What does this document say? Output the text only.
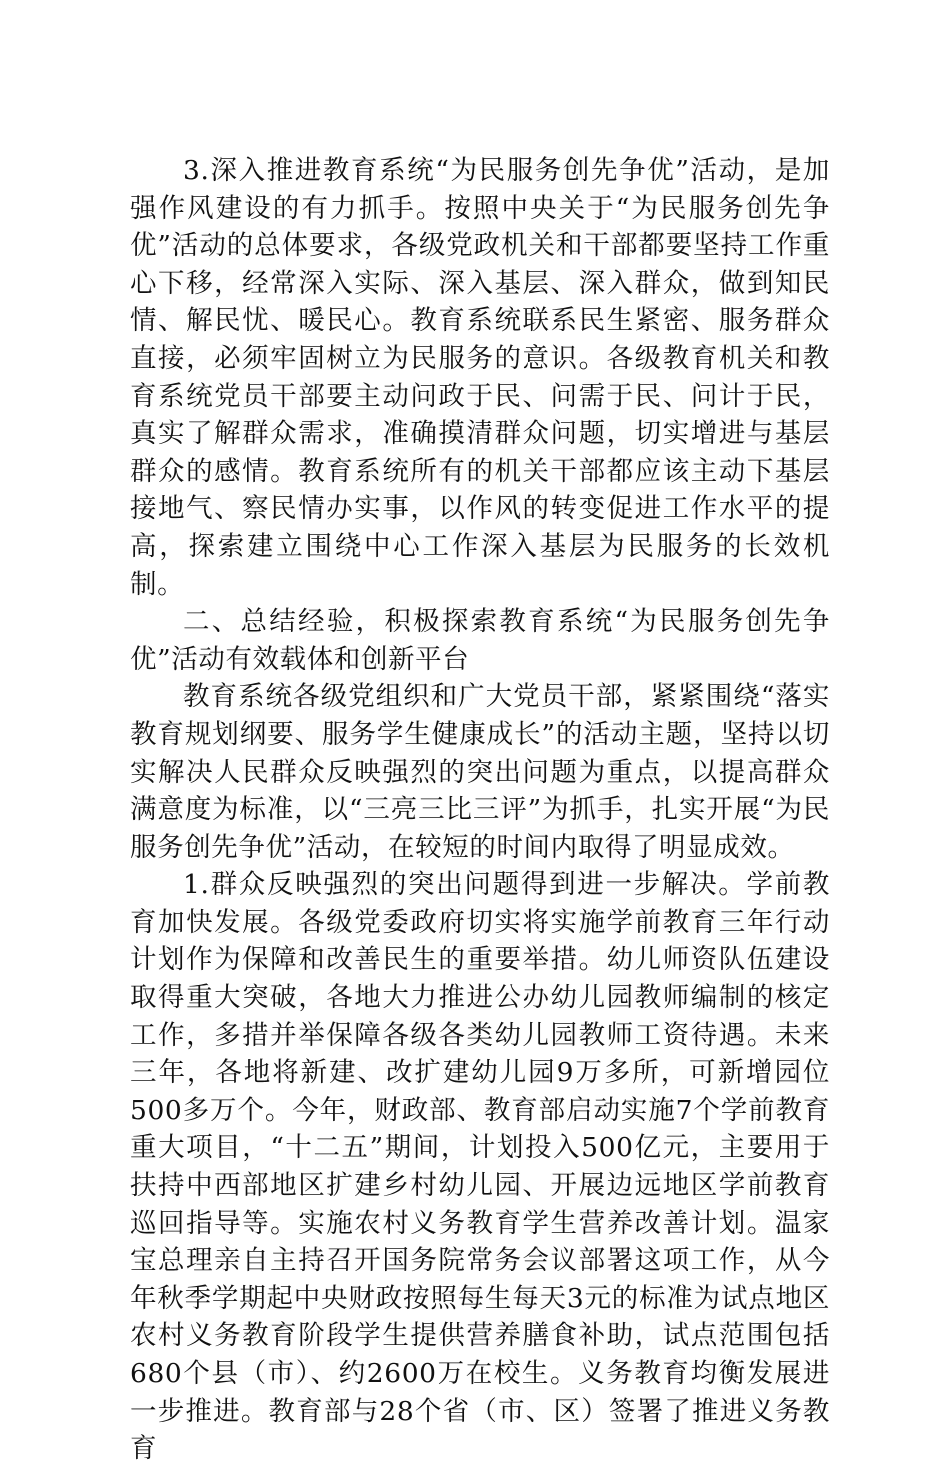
3.深入推进教育系统“为民服务创先争优”活动，是加强作风建设的有力抓手。按照中央关于“为民服务创先争优”活动的总体要求，各级党政机关和干部都要坚持工作重心下移，经常深入实际、深入基层、深入群众，做到知民情、解民忧、暖民心。教育系统联系民生紧密、服务群众直接，必须牢固树立为民服务的意识。各级教育机关和教育系统党员干部要主动问政于民、问需于民、问计于民，真实了解群众需求，准确摸清群众问题，切实增进与基层群众的感情。教育系统所有的机关干部都应该主动下基层接地气、察民情办实事，以作风的转变促进工作水平的提高，探索建立围绕中心工作深入基层为民服务的长效机制。

二、总结经验，积极探索教育系统“为民服务创先争优”活动有效载体和创新平台

教育系统各级党组织和广大党员干部，紧紧围绕“落实教育规划纲要、服务学生健康成长”的活动主题，坚持以切实解决人民群众反映强烈的突出问题为重点，以提高群众满意度为标准，以“三亮三比三评”为抓手，扎实开展“为民服务创先争优”活动，在较短的时间内取得了明显成效。

1.群众反映强烈的突出问题得到进一步解决。学前教育加快发展。各级党委政府切实将实施学前教育三年行动计划作为保障和改善民生的重要举措。幼儿师资队伍建设取得重大突破，各地大力推进公办幼儿园教师编制的核定工作，多措并举保障各级各类幼儿园教师工资待遇。未来三年，各地将新建、改扩建幼儿园9万多所，可新增园位500多万个。今年，财政部、教育部启动实施7个学前教育重大项目，“十二五”期间，计划投入500亿元，主要用于扶持中西部地区扩建乡村幼儿园、开展边远地区学前教育巡回指导等。实施农村义务教育学生营养改善计划。温家宝总理亲自主持召开国务院常务会议部署这项工作，从今年秋季学期起中央财政按照每生每天3元的标准为试点地区农村义务教育阶段学生提供营养膳食补助，试点范围包括680个县（市）、约2600万在校生。义务教育均衡发展进一步推进。教育部与28个省（市、区）签署了推进义务教育
